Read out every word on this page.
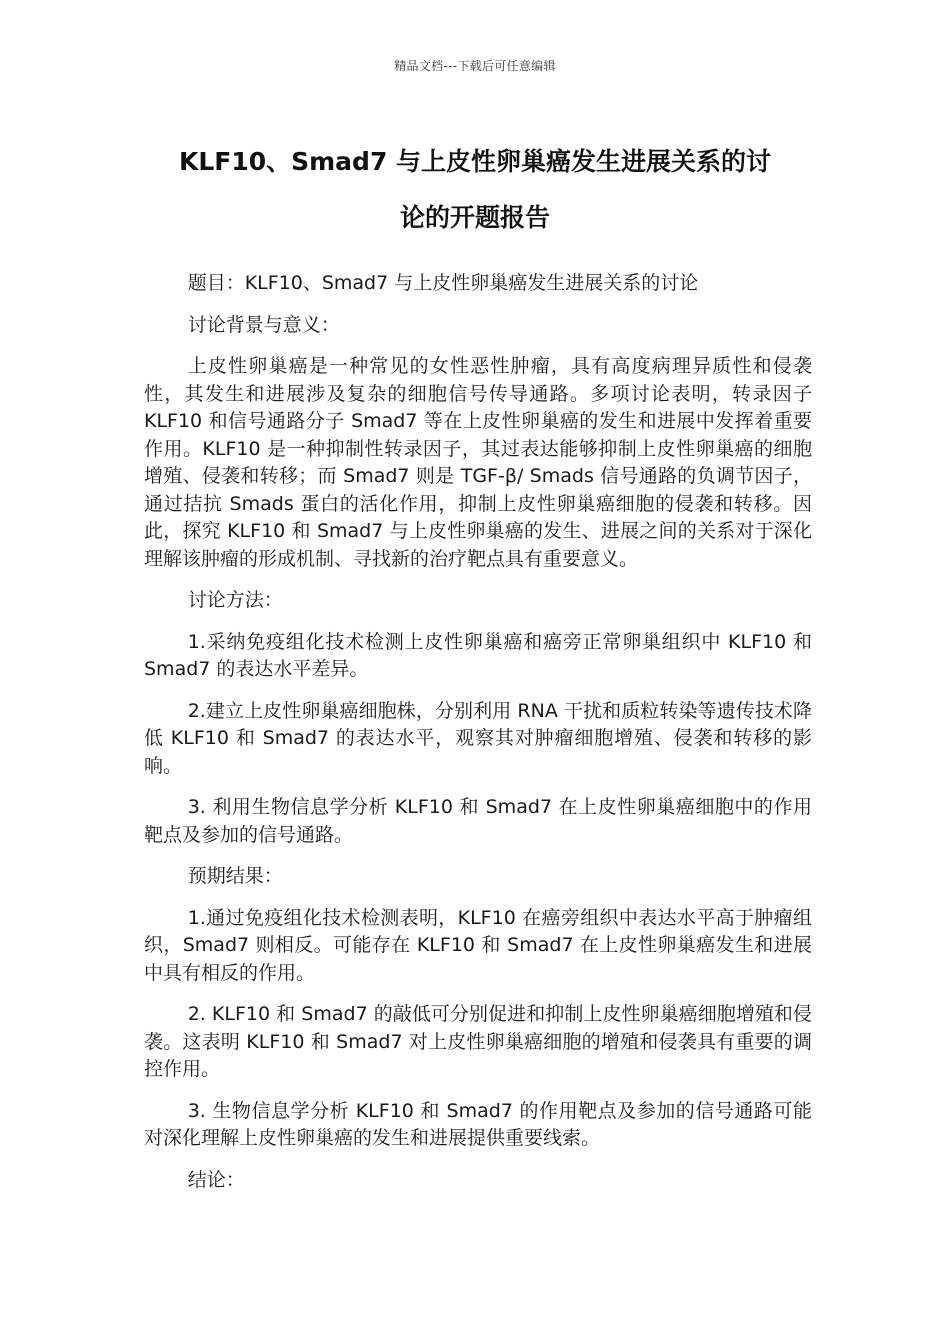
精品文档---下载后可任意编辑
KLF10、Smad7 与上皮性卵巢癌发生进展关系的讨
论的开题报告

题目：KLF10、Smad7 与上皮性卵巢癌发生进展关系的讨论

讨论背景与意义：

上皮性卵巢癌是一种常见的女性恶性肿瘤，具有高度病理异质性和侵袭性，其发生和进展涉及复杂的细胞信号传导通路。多项讨论表明，转录因子 KLF10 和信号通路分子 Smad7 等在上皮性卵巢癌的发生和进展中发挥着重要作用。KLF10 是一种抑制性转录因子，其过表达能够抑制上皮性卵巢癌的细胞增殖、侵袭和转移；而 Smad7 则是 TGF-β/ Smads 信号通路的负调节因子，通过拮抗 Smads 蛋白的活化作用，抑制上皮性卵巢癌细胞的侵袭和转移。因此，探究 KLF10 和 Smad7 与上皮性卵巢癌的发生、进展之间的关系对于深化理解该肿瘤的形成机制、寻找新的治疗靶点具有重要意义。

讨论方法：

1.采纳免疫组化技术检测上皮性卵巢癌和癌旁正常卵巢组织中 KLF10 和 Smad7 的表达水平差异。

2.建立上皮性卵巢癌细胞株，分别利用 RNA 干扰和质粒转染等遗传技术降低 KLF10 和 Smad7 的表达水平，观察其对肿瘤细胞增殖、侵袭和转移的影响。

3. 利用生物信息学分析 KLF10 和 Smad7 在上皮性卵巢癌细胞中的作用靶点及参加的信号通路。

预期结果：

1.通过免疫组化技术检测表明，KLF10 在癌旁组织中表达水平高于肿瘤组织，Smad7 则相反。可能存在 KLF10 和 Smad7 在上皮性卵巢癌发生和进展中具有相反的作用。

2. KLF10 和 Smad7 的敲低可分别促进和抑制上皮性卵巢癌细胞增殖和侵袭。这表明 KLF10 和 Smad7 对上皮性卵巢癌细胞的增殖和侵袭具有重要的调控作用。

3. 生物信息学分析 KLF10 和 Smad7 的作用靶点及参加的信号通路可能对深化理解上皮性卵巢癌的发生和进展提供重要线索。

结论：
